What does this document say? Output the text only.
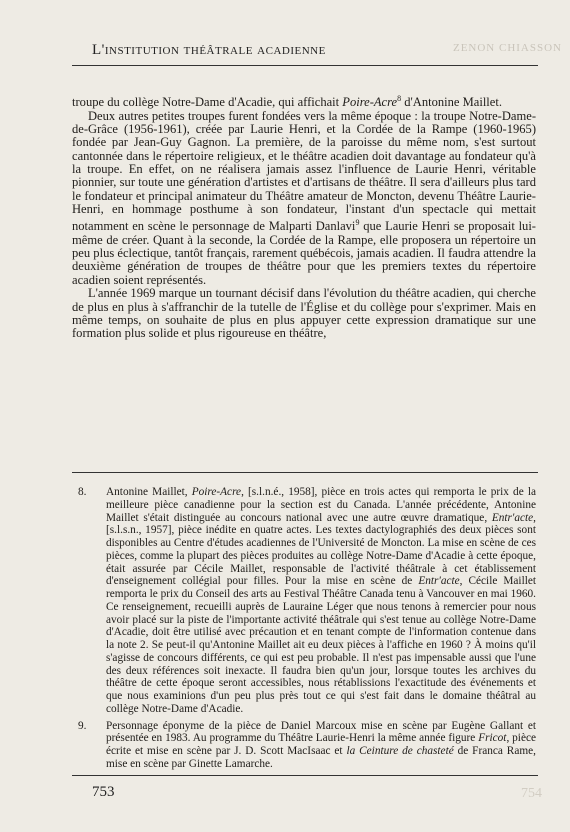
ZENON CHIASSON
L'institution théâtrale acadienne

troupe du collège Notre-Dame d'Acadie, qui affichait Poire-Acre$^8$ d'Antonine Maillet.

Deux autres petites troupes furent fondées vers la même époque : la troupe Notre-Dame-de-Grâce (1956-1961), créée par Laurie Henri, et la Cordée de la Rampe (1960-1965) fondée par Jean-Guy Gagnon. La première, de la paroisse du même nom, s'est surtout cantonnée dans le répertoire religieux, et le théâtre acadien doit davantage au fondateur qu'à la troupe. En effet, on ne réalisera jamais assez l'influence de Laurie Henri, véritable pionnier, sur toute une génération d'artistes et d'artisans de théâtre. Il sera d'ailleurs plus tard le fondateur et principal animateur du Théâtre amateur de Moncton, devenu Théâtre Laurie-Henri, en hommage posthume à son fondateur, l'instant d'un spectacle qui mettait notamment en scène le personnage de Malparti Danlavi$^9$ que Laurie Henri se proposait lui-même de créer. Quant à la seconde, la Cordée de la Rampe, elle proposera un répertoire un peu plus éclectique, tantôt français, rarement québécois, jamais acadien. Il faudra attendre la deuxième génération de troupes de théâtre pour que les premiers textes du répertoire acadien soient représentés.

L'année 1969 marque un tournant décisif dans l'évolution du théâtre acadien, qui cherche de plus en plus à s'affranchir de la tutelle de l'Église et du collège pour s'exprimer. Mais en même temps, on souhaite de plus en plus appuyer cette expression dramatique sur une formation plus solide et plus rigoureuse en théâtre,

8.	Antonine Maillet, Poire-Acre, [s.l.n.é., 1958], pièce en trois actes qui remporta le prix de la meilleure pièce canadienne pour la section est du Canada. L'année précédente, Antonine Maillet s'était distinguée au concours national avec une autre œuvre dramatique, Entr'acte, [s.l.s.n., 1957], pièce inédite en quatre actes. Les textes dactylographiés des deux pièces sont disponibles au Centre d'études acadiennes de l'Université de Moncton. La mise en scène de ces pièces, comme la plupart des pièces produites au collège Notre-Dame d'Acadie à cette époque, était assurée par Cécile Maillet, responsable de l'activité théâtrale à cet établissement d'enseignement collégial pour filles. Pour la mise en scène de Entr'acte, Cécile Maillet remporta le prix du Conseil des arts au Festival Théâtre Canada tenu à Vancouver en mai 1960. Ce renseignement, recueilli auprès de Lauraine Léger que nous tenons à remercier pour nous avoir placé sur la piste de l'importante activité théâtrale qui s'est tenue au collège Notre-Dame d'Acadie, doit être utilisé avec précaution et en tenant compte de l'information contenue dans la note 2. Se peut-il qu'Antonine Maillet ait eu deux pièces à l'affiche en 1960 ? À moins qu'il s'agisse de concours différents, ce qui est peu probable. Il n'est pas impensable aussi que l'une des deux références soit inexacte. Il faudra bien qu'un jour, lorsque toutes les archives du théâtre de cette époque seront accessibles, nous rétablissions l'exactitude des événements et que nous examinions d'un peu plus près tout ce qui s'est fait dans le domaine théâtral au collège Notre-Dame d'Acadie.
9.	Personnage éponyme de la pièce de Daniel Marcoux mise en scène par Eugène Gallant et présentée en 1983. Au programme du Théâtre Laurie-Henri la même année figure Fricot, pièce écrite et mise en scène par J. D. Scott MacIsaac et la Ceinture de chasteté de Franca Rame, mise en scène par Ginette Lamarche.
753	754
